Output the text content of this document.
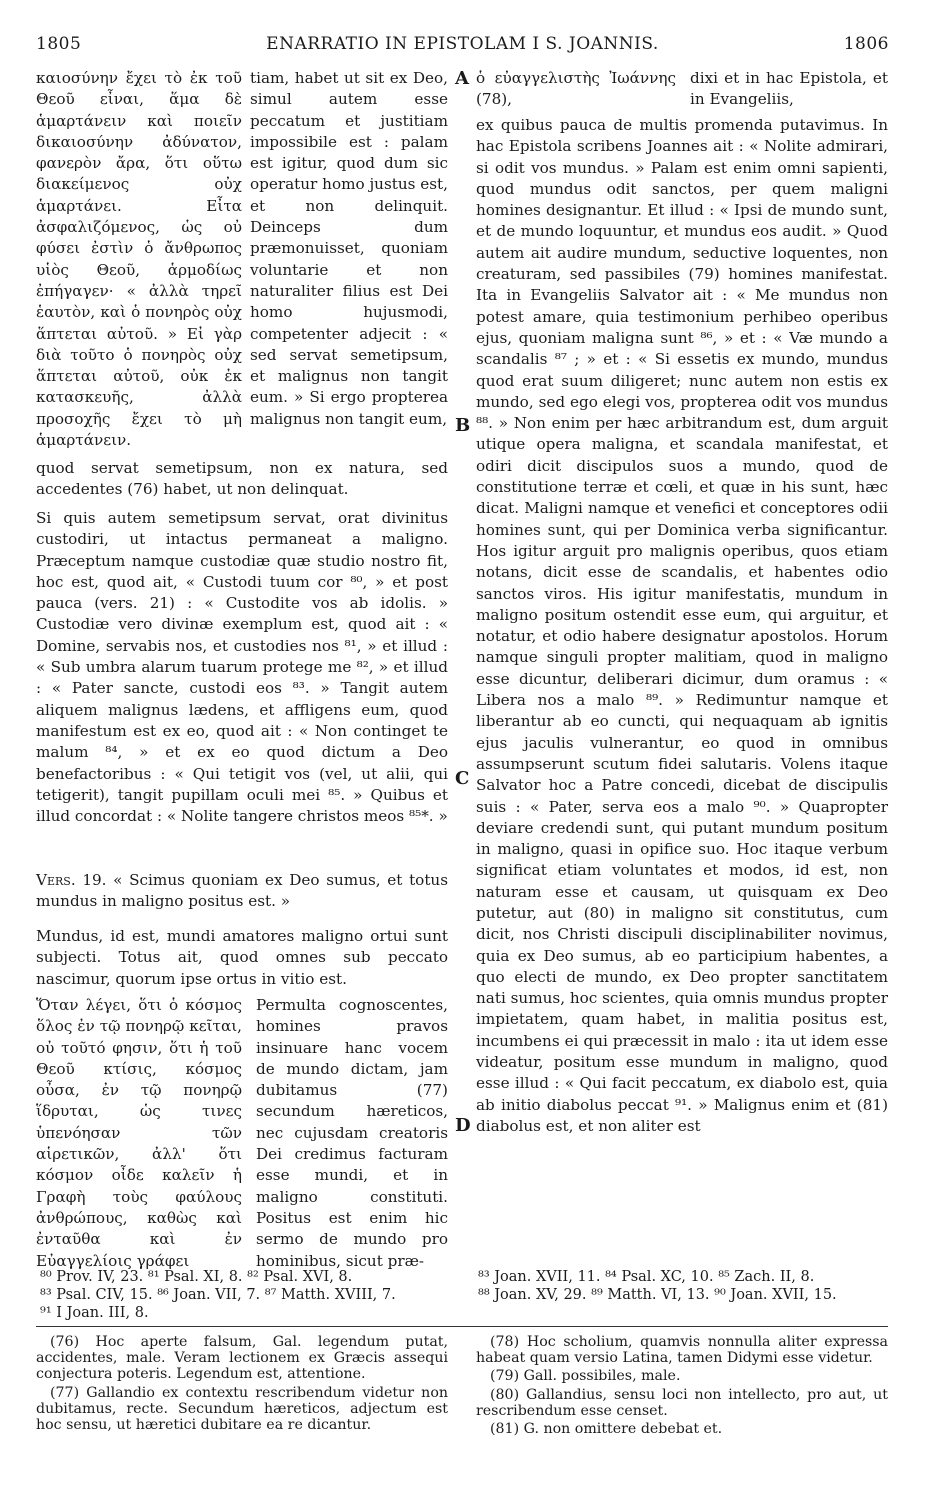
1805	ENARRATIO IN EPISTOLAM I S. JOANNIS.	1806
καιοσύνην ἔχει τὸ ἐκ τοῦ Θεοῦ εἶναι, ἅμα δὲ ἁμαρτάνειν καὶ ποιεῖν δικαιοσύνην ἀδύνατον, φανερὸν ἄρα, ὅτι οὕτω διακείμενος οὐχ ἁμαρτάνει. Εἶτα ἀσφαλιζόμενος, ὡς οὐ φύσει ἐστὶν ὁ ἄνθρωπος υἱὸς Θεοῦ, ἁρμοδίως ἐπήγαγεν· « ἀλλὰ τηρεῖ ἑαυτὸν, καὶ ὁ πονηρὸς οὐχ ἅπτεται αὐτοῦ. » Εἰ γὰρ διὰ τοῦτο ὁ πονηρὸς οὐχ ἅπτεται αὐτοῦ, οὐκ ἐκ κατασκευῆς, ἀλλὰ προσοχῆς ἔχει τὸ μὴ ἁμαρτάνειν.
tiam, habet ut sit ex Deo, simul autem esse peccatum et justitiam impossibile est : palam est igitur, quod dum sic operatur homo justus est, et non delinquit. Deinceps dum præmonuisset, quoniam voluntarie et non naturaliter filius est Dei homo hujusmodi, competenter adjecit : « sed servat semetipsum, et malignus non tangit eum. » Si ergo propterea malignus non tangit eum,
quod servat semetipsum, non ex natura, sed accedentes (76) habet, ut non delinquat.
Si quis autem semetipsum servat, orat divinitus custodiri, ut intactus permaneat a maligno. Præceptum namque custodiæ quæ studio nostro fit, hoc est, quod ait, « Custodi tuum cor ⁸⁰, » et post pauca (vers. 21) : « Custodite vos ab idolis. » Custodiæ vero divinæ exemplum est, quod ait : « Domine, servabis nos, et custodies nos ⁸¹, » et illud : « Sub umbra alarum tuarum protege me ⁸², » et illud : « Pater sancte, custodi eos ⁸³. » Tangit autem aliquem malignus lædens, et affligens eum, quod manifestum est ex eo, quod ait : « Non continget te malum ⁸⁴, » et ex eo quod dictum a Deo benefactoribus : « Qui tetigit vos (vel, ut alii, qui tetigerit), tangit pupillam oculi mei ⁸⁵. » Quibus et illud concordat : « Nolite tangere christos meos ⁸⁵*. »
Vers. 19. « Scimus quoniam ex Deo sumus, et totus mundus in maligno positus est. »
Mundus, id est, mundi amatores maligno ortui sunt subjecti. Totus ait, quod omnes sub peccato nascimur, quorum ipse ortus in vitio est.
Ὅταν λέγει, ὅτι ὁ κόσμος ὅλος ἐν τῷ πονηρῷ κεῖται, οὐ τοῦτό φησιν, ὅτι ἡ τοῦ Θεοῦ κτίσις, κόσμος οὖσα, ἐν τῷ πονηρῷ ἵδρυται, ὡς τινες ὑπενόησαν τῶν αἱρετικῶν, ἀλλ' ὅτι κόσμον οἶδε καλεῖν ἡ Γραφὴ τοὺς φαύλους ἀνθρώπους, καθὼς καὶ ἐνταῦθα καὶ ἐν Εὐαγγελίοις γράφει
Permulta cognoscentes, homines pravos insinuare hanc vocem de mundo dictam, jam dubitamus (77) secundum hæreticos, nec cujusdam creatoris Dei credimus facturam esse mundi, et in maligno constituti. Positus est enim hic sermo de mundo pro hominibus, sicut præ-
A
B
C
D
ὁ εὐαγγελιστὴς Ἰωάννης (78),
dixi et in hac Epistola, et in Evangeliis,
ex quibus pauca de multis promenda putavimus. In hac Epistola scribens Joannes ait : « Nolite admirari, si odit vos mundus. » Palam est enim omni sapienti, quod mundus odit sanctos, per quem maligni homines designantur. Et illud : « Ipsi de mundo sunt, et de mundo loquuntur, et mundus eos audit. » Quod autem ait audire mundum, seductive loquentes, non creaturam, sed passibiles (79) homines manifestat. Ita in Evangeliis Salvator ait : « Me mundus non potest amare, quia testimonium perhibeo operibus ejus, quoniam maligna sunt ⁸⁶, » et : « Væ mundo a scandalis ⁸⁷ ; » et : « Si essetis ex mundo, mundus quod erat suum diligeret; nunc autem non estis ex mundo, sed ego elegi vos, propterea odit vos mundus ⁸⁸. » Non enim per hæc arbitrandum est, dum arguit utique opera maligna, et scandala manifestat, et odiri dicit discipulos suos a mundo, quod de constitutione terræ et cœli, et quæ in his sunt, hæc dicat. Maligni namque et venefici et conceptores odii homines sunt, qui per Dominica verba significantur. Hos igitur arguit pro malignis operibus, quos etiam notans, dicit esse de scandalis, et habentes odio sanctos viros. His igitur manifestatis, mundum in maligno positum ostendit esse eum, qui arguitur, et notatur, et odio habere designatur apostolos. Horum namque singuli propter malitiam, quod in maligno esse dicuntur, deliberari dicimur, dum oramus : « Libera nos a malo ⁸⁹. » Redimuntur namque et liberantur ab eo cuncti, qui nequaquam ab ignitis ejus jaculis vulnerantur, eo quod in omnibus assumpserunt scutum fidei salutaris. Volens itaque Salvator hoc a Patre concedi, dicebat de discipulis suis : « Pater, serva eos a malo ⁹⁰. » Quapropter deviare credendi sunt, qui putant mundum positum in maligno, quasi in opifice suo. Hoc itaque verbum significat etiam voluntates et modos, id est, non naturam esse et causam, ut quisquam ex Deo putetur, aut (80) in maligno sit constitutus, cum dicit, nos Christi discipuli disciplinabiliter novimus, quia ex Deo sumus, ab eo participium habentes, a quo electi de mundo, ex Deo propter sanctitatem nati sumus, hoc scientes, quia omnis mundus propter impietatem, quam habet, in malitia positus est, incumbens ei qui præcessit in malo : ita ut idem esse videatur, positum esse mundum in maligno, quod esse illud : « Qui facit peccatum, ex diabolo est, quia ab initio diabolus peccat ⁹¹. » Malignus enim et (81) diabolus est, et non aliter est
⁸⁰ Prov. IV, 23. ⁸¹ Psal. XI, 8. ⁸² Psal. XVI, 8.
⁸³ Psal. CIV, 15. ⁸⁶ Joan. VII, 7. ⁸⁷ Matth. XVIII, 7.
⁹¹ I Joan. III, 8.
⁸³ Joan. XVII, 11. ⁸⁴ Psal. XC, 10. ⁸⁵ Zach. II, 8.
⁸⁸ Joan. XV, 29. ⁸⁹ Matth. VI, 13. ⁹⁰ Joan. XVII, 15.

(76) Hoc aperte falsum, Gal. legendum putat, accidentes, male. Veram lectionem ex Græcis assequi conjectura poteris. Legendum est, attentione.

(77) Gallandio ex contextu rescribendum videtur non dubitamus, recte. Secundum hæreticos, adjectum est hoc sensu, ut hæretici dubitare ea re dicantur.

(78) Hoc scholium, quamvis nonnulla aliter expressa habeat quam versio Latina, tamen Didymi esse videtur.

(79) Gall. possibiles, male.

(80) Gallandius, sensu loci non intellecto, pro aut, ut rescribendum esse censet.

(81) G. non omittere debebat et.
